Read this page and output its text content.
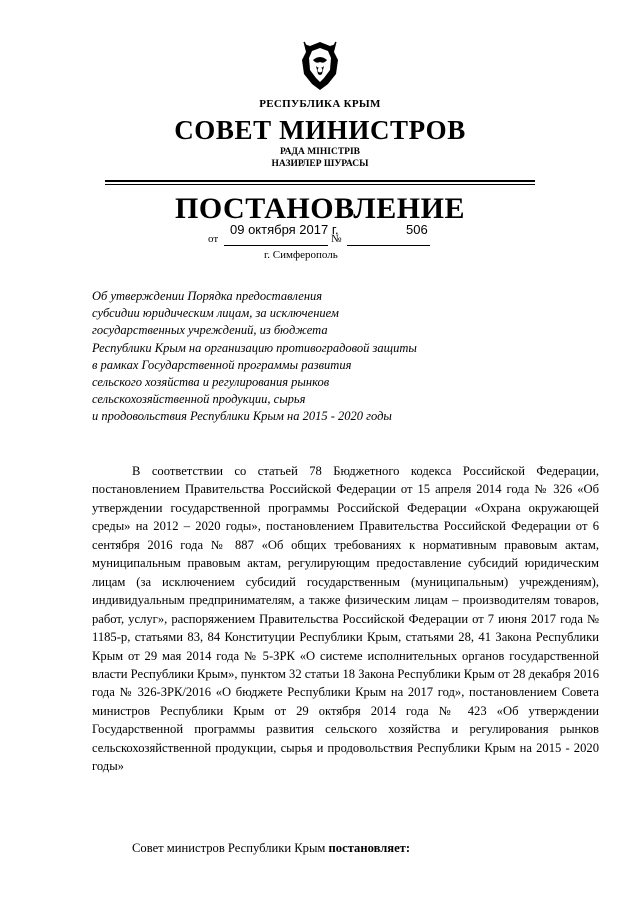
РЕСПУБЛИКА КРЫМ
СОВЕТ МИНИСТРОВ
РАДА МІНІСТРІВ
НАЗИРЛЕР ШУРАСЫ
ПОСТАНОВЛЕНИЕ
от
09 октября 2017 г.
№
506
г. Симферополь
Об утверждении Порядка предоставления
субсидии юридическим лицам, за исключением
государственных учреждений, из бюджета
Республики Крым на организацию противоградовой защиты
в рамках Государственной программы развития
сельского хозяйства и регулирования рынков
сельскохозяйственной продукции, сырья
и продовольствия Республики Крым на 2015 - 2020 годы
В соответствии со статьей 78 Бюджетного кодекса Российской Федерации, постановлением Правительства Российской Федерации от 15 апреля 2014 года № 326 «Об утверждении государственной программы Российской Федерации «Охрана окружающей среды» на 2012 – 2020 годы», постановлением Правительства Российской Федерации от 6 сентября 2016 года № 887 «Об общих требованиях к нормативным правовым актам, муниципальным правовым актам, регулирующим предоставление субсидий юридическим лицам (за исключением субсидий государственным (муниципальным) учреждениям), индивидуальным предпринимателям, а также физическим лицам – производителям товаров, работ, услуг», распоряжением Правительства Российской Федерации от 7 июня 2017 года № 1185-р, статьями 83, 84 Конституции Республики Крым, статьями 28, 41 Закона Республики Крым от 29 мая 2014 года № 5-ЗРК «О системе исполнительных органов государственной власти Республики Крым», пунктом 32 статьи 18 Закона Республики Крым от 28 декабря 2016 года № 326-ЗРК/2016 «О бюджете Республики Крым на 2017 год», постановлением Совета министров Республики Крым от 29 октября 2014 года № 423 «Об утверждении Государственной программы развития сельского хозяйства и регулирования рынков сельскохозяйственной продукции, сырья и продовольствия Республики Крым на 2015 - 2020 годы»
Совет министров Республики Крым постановляет:
